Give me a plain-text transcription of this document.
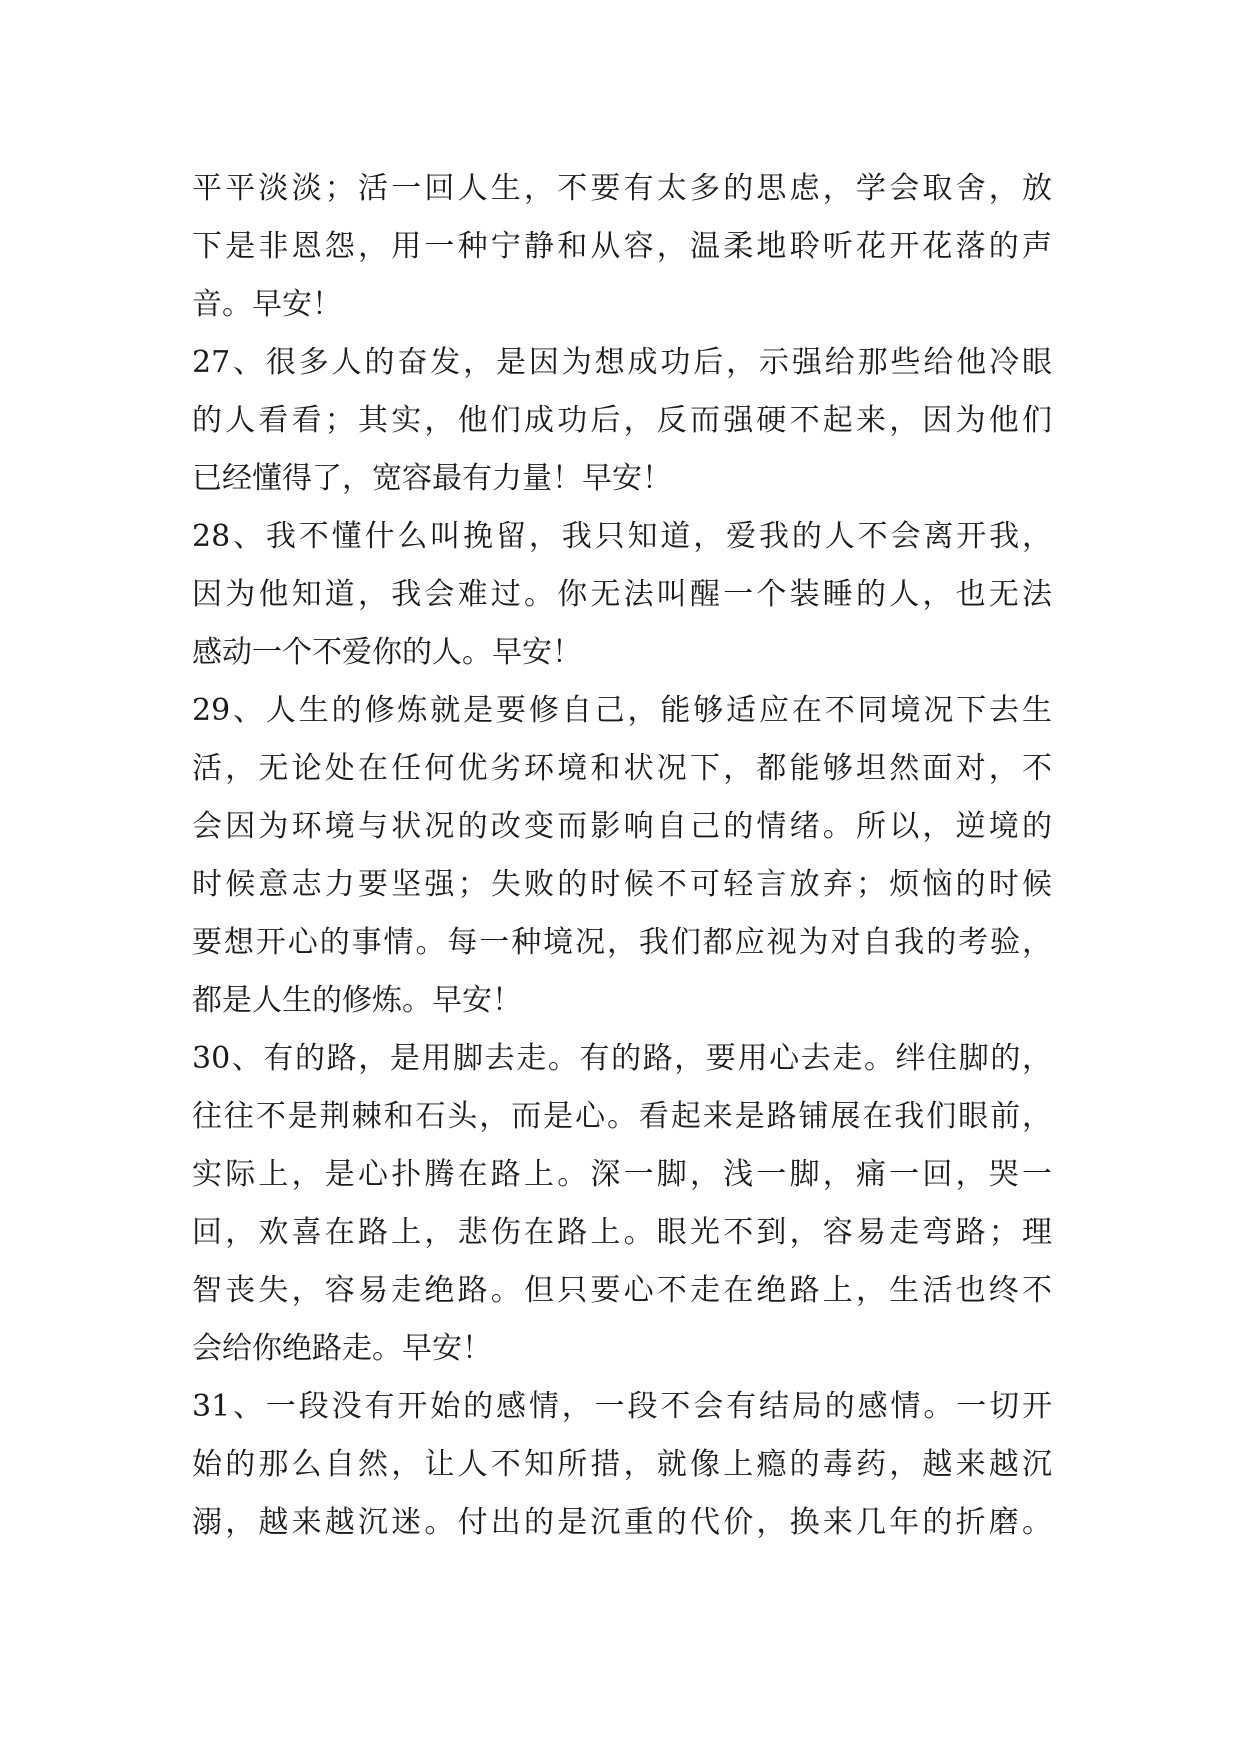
平平淡淡；活一回人生，不要有太多的思虑，学会取舍，放
下是非恩怨，用一种宁静和从容，温柔地聆听花开花落的声
音。早安！
27、很多人的奋发，是因为想成功后，示强给那些给他冷眼
的人看看；其实，他们成功后，反而强硬不起来，因为他们
已经懂得了，宽容最有力量！早安！
28、我不懂什么叫挽留，我只知道，爱我的人不会离开我，
因为他知道，我会难过。你无法叫醒一个装睡的人，也无法
感动一个不爱你的人。早安！
29、人生的修炼就是要修自己，能够适应在不同境况下去生
活，无论处在任何优劣环境和状况下，都能够坦然面对，不
会因为环境与状况的改变而影响自己的情绪。所以，逆境的
时候意志力要坚强；失败的时候不可轻言放弃；烦恼的时候
要想开心的事情。每一种境况，我们都应视为对自我的考验，
都是人生的修炼。早安！
30、有的路，是用脚去走。有的路，要用心去走。绊住脚的，
往往不是荆棘和石头，而是心。看起来是路铺展在我们眼前，
实际上，是心扑腾在路上。深一脚，浅一脚，痛一回，哭一
回，欢喜在路上，悲伤在路上。眼光不到，容易走弯路；理
智丧失，容易走绝路。但只要心不走在绝路上，生活也终不
会给你绝路走。早安！
31、一段没有开始的感情，一段不会有结局的感情。一切开
始的那么自然，让人不知所措，就像上瘾的毒药，越来越沉
溺，越来越沉迷。付出的是沉重的代价，换来几年的折磨。
